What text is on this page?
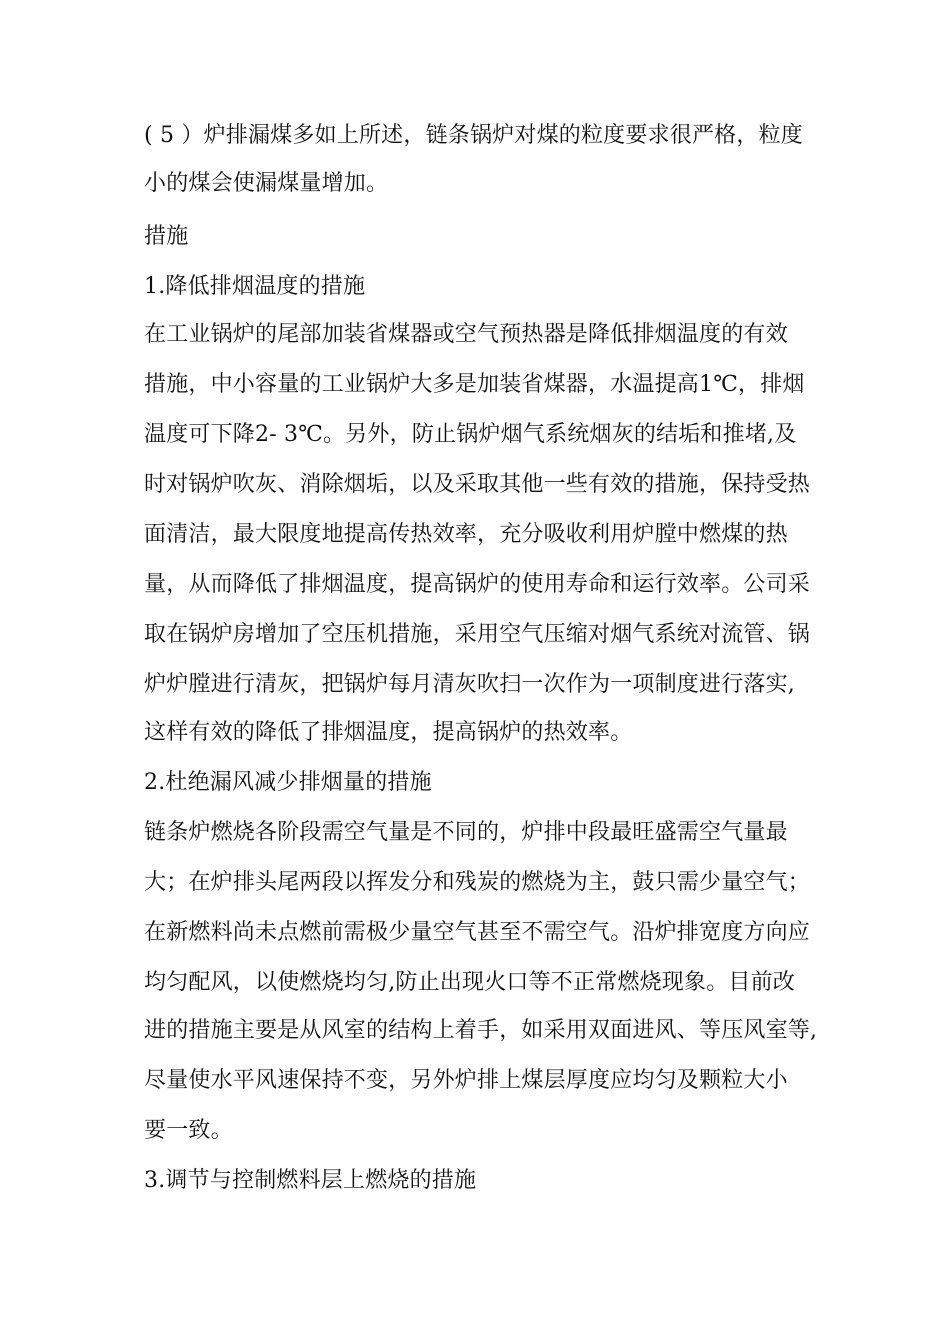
( 5 ）炉排漏煤多如上所述，链条锅炉对煤的粒度要求很严格，粒度
小的煤会使漏煤量增加。
措施
1.降低排烟温度的措施
在工业锅炉的尾部加装省煤器或空气预热器是降低排烟温度的有效
措施，中小容量的工业锅炉大多是加装省煤器，水温提高1℃，排烟
温度可下降2- 3℃。另外，防止锅炉烟气系统烟灰的结垢和推堵,及
时对锅炉吹灰、消除烟垢，以及采取其他一些有效的措施，保持受热
面清洁，最大限度地提高传热效率，充分吸收利用炉膛中燃煤的热
量，从而降低了排烟温度，提高锅炉的使用寿命和运行效率。公司采
取在锅炉房增加了空压机措施，采用空气压缩对烟气系统对流管、锅
炉炉膛进行清灰，把锅炉每月清灰吹扫一次作为一项制度进行落实,
这样有效的降低了排烟温度，提高锅炉的热效率。
2.杜绝漏风减少排烟量的措施
链条炉燃烧各阶段需空气量是不同的，炉排中段最旺盛需空气量最
大；在炉排头尾两段以挥发分和残炭的燃烧为主，鼓只需少量空气；
在新燃料尚未点燃前需极少量空气甚至不需空气。沿炉排宽度方向应
均匀配风，以使燃烧均匀,防止出现火口等不正常燃烧现象。目前改
进的措施主要是从风室的结构上着手，如采用双面进风、等压风室等,
尽量使水平风速保持不变，另外炉排上煤层厚度应均匀及颗粒大小
要一致。
3.调节与控制燃料层上燃烧的措施
